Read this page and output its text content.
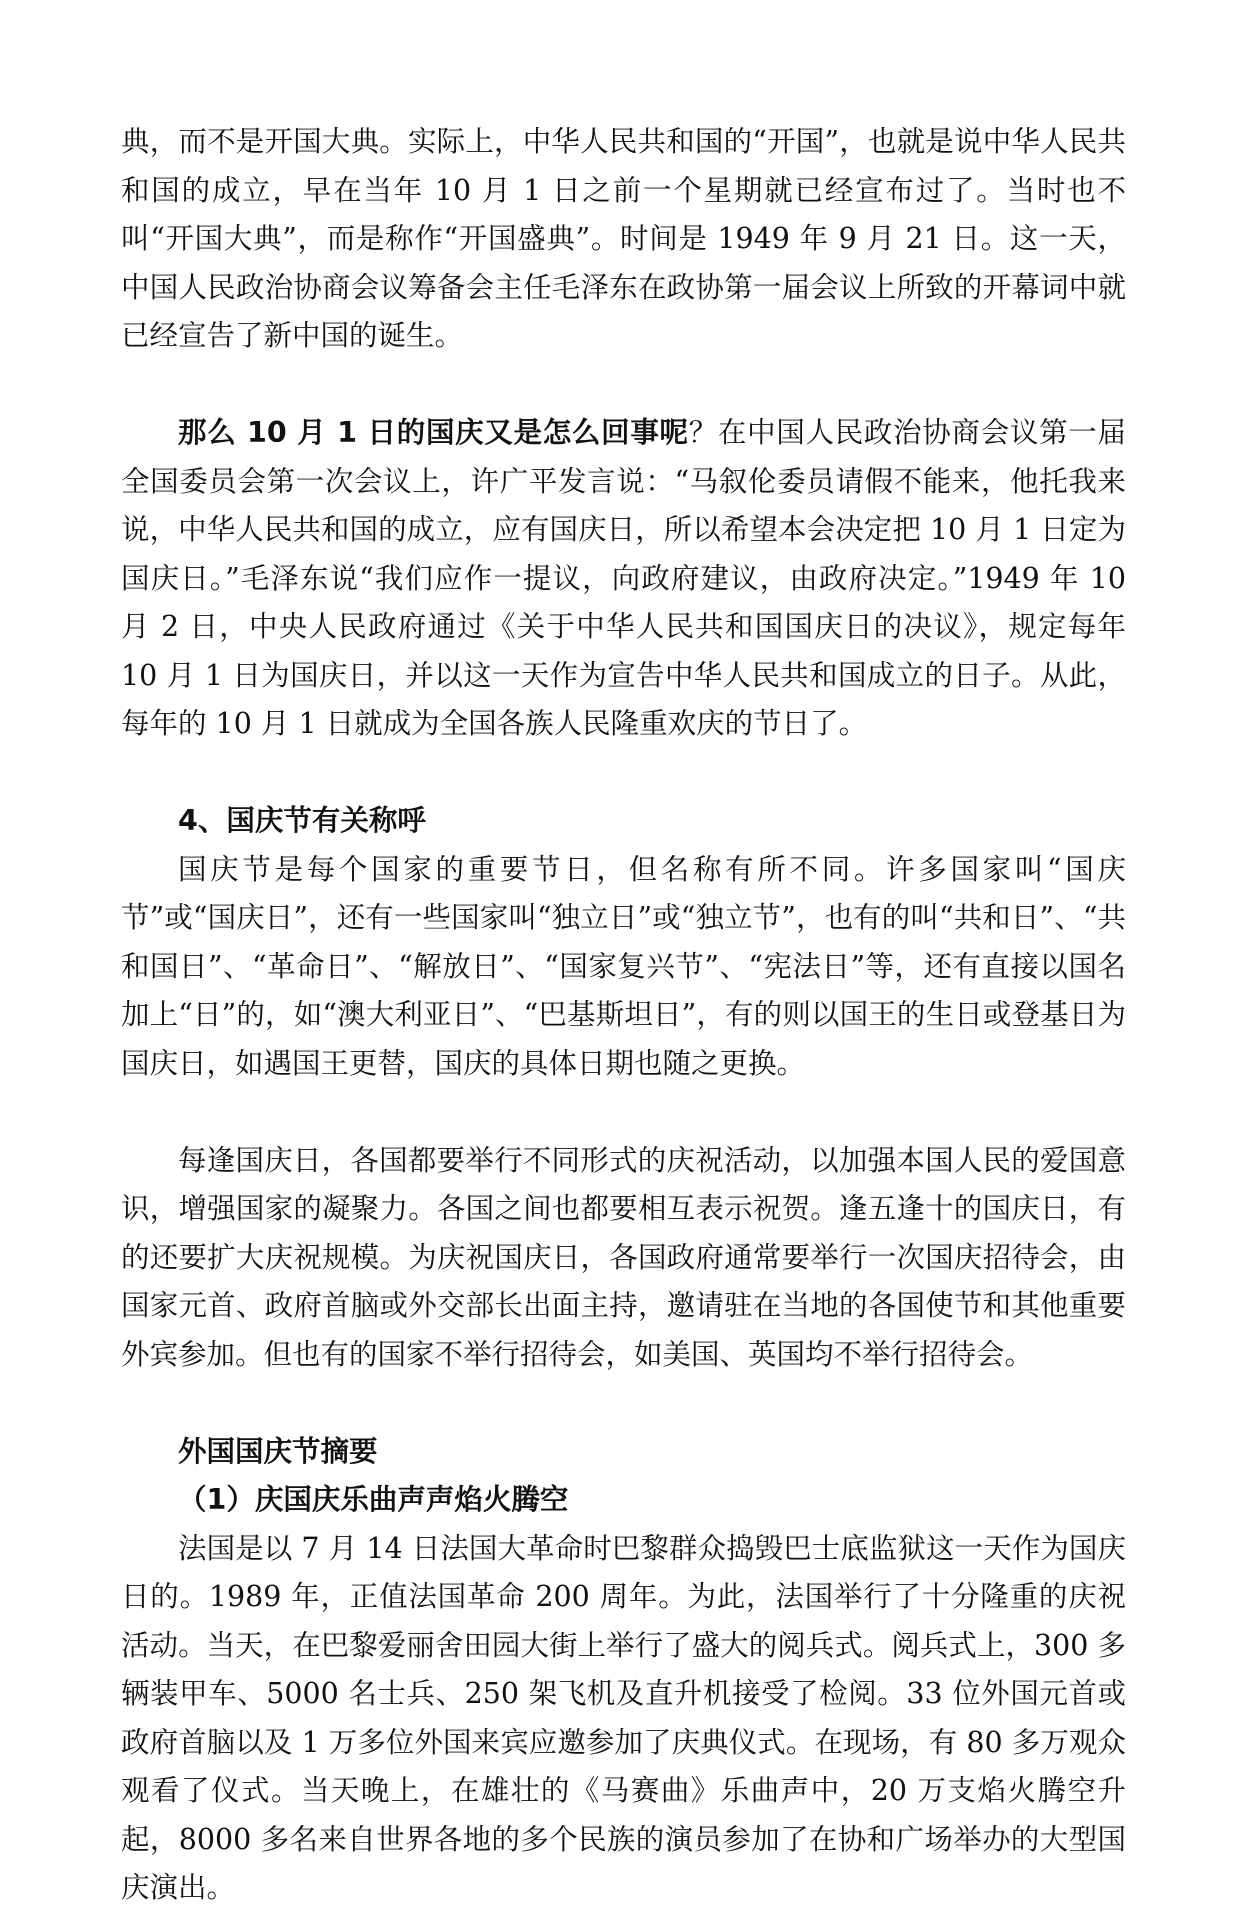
典，而不是开国大典。实际上，中华人民共和国的“开国”，也就是说中华人民共和国的成立，早在当年 10 月 1 日之前一个星期就已经宣布过了。当时也不叫“开国大典”，而是称作“开国盛典”。时间是 1949 年 9 月 21 日。这一天，中国人民政治协商会议筹备会主任毛泽东在政协第一届会议上所致的开幕词中就已经宣告了新中国的诞生。

那么 10 月 1 日的国庆又是怎么回事呢？在中国人民政治协商会议第一届全国委员会第一次会议上，许广平发言说：“马叙伦委员请假不能来，他托我来说，中华人民共和国的成立，应有国庆日，所以希望本会决定把 10 月 1 日定为国庆日。”毛泽东说“我们应作一提议，向政府建议，由政府决定。”1949 年 10 月 2 日，中央人民政府通过《关于中华人民共和国国庆日的决议》，规定每年 10 月 1 日为国庆日，并以这一天作为宣告中华人民共和国成立的日子。从此，每年的 10 月 1 日就成为全国各族人民隆重欢庆的节日了。

4、国庆节有关称呼

国庆节是每个国家的重要节日，但名称有所不同。许多国家叫“国庆节”或“国庆日”，还有一些国家叫“独立日”或“独立节”，也有的叫“共和日”、“共和国日”、“革命日”、“解放日”、“国家复兴节”、“宪法日”等，还有直接以国名加上“日”的，如“澳大利亚日”、“巴基斯坦日”，有的则以国王的生日或登基日为国庆日，如遇国王更替，国庆的具体日期也随之更换。

每逢国庆日，各国都要举行不同形式的庆祝活动，以加强本国人民的爱国意识，增强国家的凝聚力。各国之间也都要相互表示祝贺。逢五逢十的国庆日，有的还要扩大庆祝规模。为庆祝国庆日，各国政府通常要举行一次国庆招待会，由国家元首、政府首脑或外交部长出面主持，邀请驻在当地的各国使节和其他重要外宾参加。但也有的国家不举行招待会，如美国、英国均不举行招待会。

外国国庆节摘要

（1）庆国庆乐曲声声焰火腾空

法国是以 7 月 14 日法国大革命时巴黎群众捣毁巴士底监狱这一天作为国庆日的。1989 年，正值法国革命 200 周年。为此，法国举行了十分隆重的庆祝活动。当天，在巴黎爱丽舍田园大街上举行了盛大的阅兵式。阅兵式上，300 多辆装甲车、5000 名士兵、250 架飞机及直升机接受了检阅。33 位外国元首或政府首脑以及 1 万多位外国来宾应邀参加了庆典仪式。在现场，有 80 多万观众观看了仪式。当天晚上，在雄壮的《马赛曲》乐曲声中，20 万支焰火腾空升起，8000 多名来自世界各地的多个民族的演员参加了在协和广场举办的大型国庆演出。
